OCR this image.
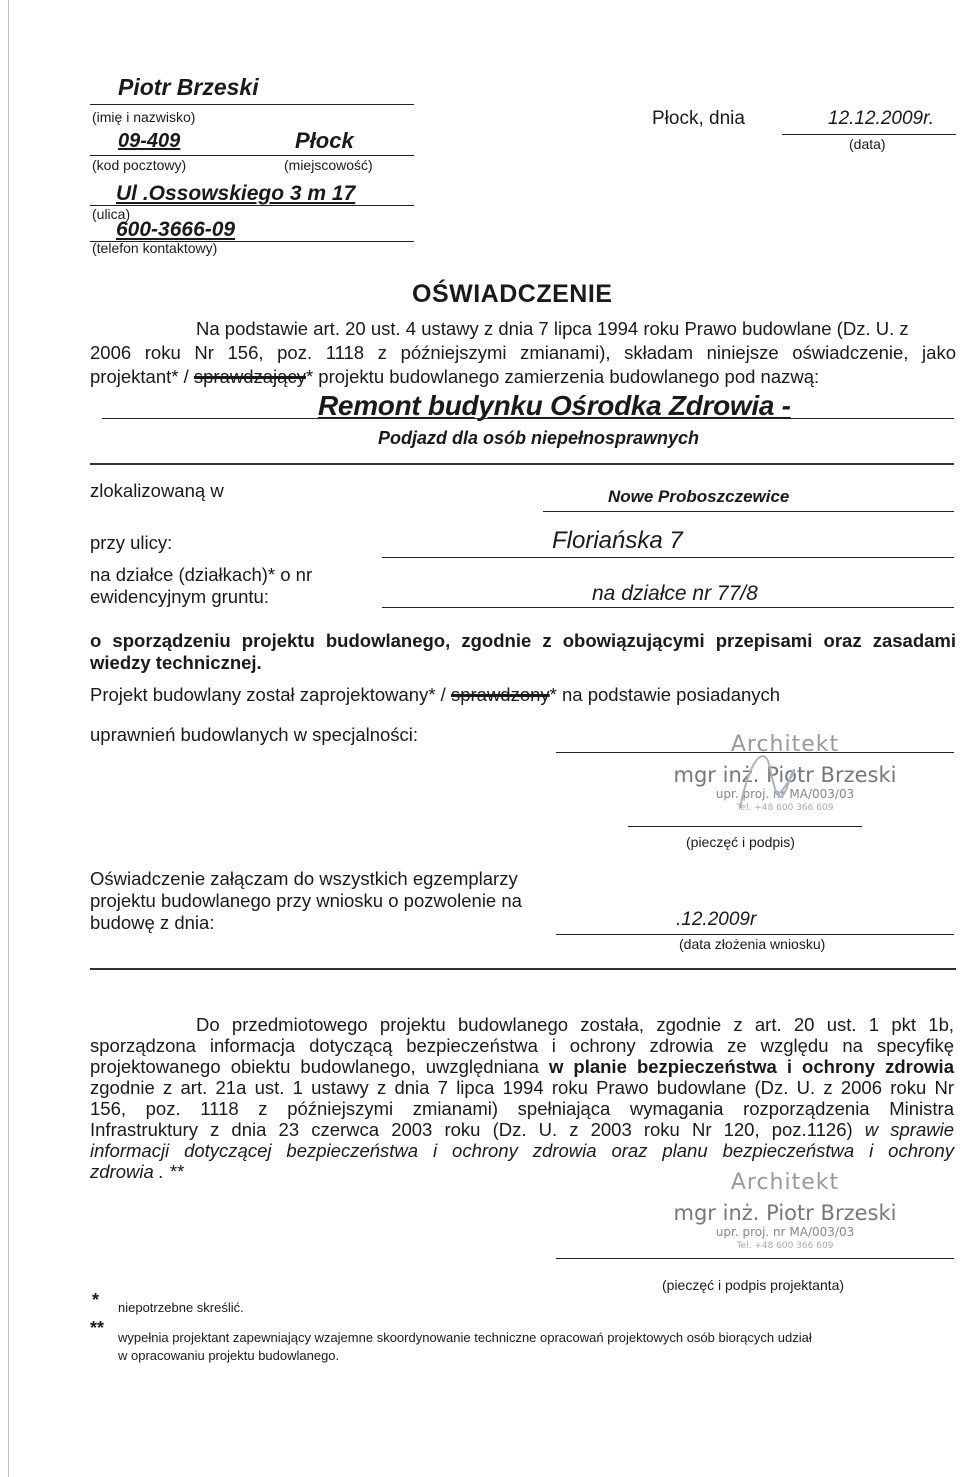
Piotr Brzeski
(imię i nazwisko)
09-409	Płock
(kod pocztowy)	(miejscowość)
Ul .Ossowskiego 3 m 17
(ulica)
600-3666-09
(telefon kontaktowy)
Płock, dnia	12.12.2009r.
(data)
OŚWIADCZENIE
Na podstawie art. 20 ust. 4 ustawy z dnia 7 lipca 1994 roku Prawo budowlane (Dz. U. z
2006 roku Nr 156, poz. 1118 z późniejszymi zmianami), składam niniejsze oświadczenie, jako
projektant* / sprawdzający* projektu budowlanego zamierzenia budowlanego pod nazwą:
Remont budynku Ośrodka Zdrowia -
Podjazd dla osób niepełnosprawnych
zlokalizowaną w	Nowe Proboszczewice
przy ulicy:	Floriańska 7
na działce (działkach)* o nr
ewidencyjnym gruntu:	na działce nr 77/8
o sporządzeniu projektu budowlanego, zgodnie z obowiązującymi przepisami oraz zasadami
wiedzy technicznej.
Projekt budowlany został zaprojektowany* / sprawdzony* na podstawie posiadanych
uprawnień budowlanych w specjalności:	Architekt
mgr inż. Piotr Brzeski
upr. proj. nr MA/003/03
Tel. +48 600 366 609
(pieczęć i podpis)
Oświadczenie załączam do wszystkich egzemplarzy
projektu budowlanego przy wniosku o pozwolenie na
budowę z dnia:	.12.2009r
(data złożenia wniosku)
Do przedmiotowego projektu budowlanego została, zgodnie z art. 20 ust. 1 pkt 1b,
sporządzona informacja dotyczącą bezpieczeństwa i ochrony zdrowia ze względu na specyfikę
projektowanego obiektu budowlanego, uwzględniana w planie bezpieczeństwa i ochrony zdrowia
zgodnie z art. 21a ust. 1 ustawy z dnia 7 lipca 1994 roku Prawo budowlane (Dz. U. z 2006 roku Nr
156, poz. 1118 z późniejszymi zmianami) spełniająca wymagania rozporządzenia Ministra
Infrastruktury z dnia 23 czerwca 2003 roku (Dz. U. z 2003 roku Nr 120, poz.1126) w sprawie
informacji dotyczącej bezpieczeństwa i ochrony zdrowia oraz planu bezpieczeństwa i ochrony
zdrowia . **	Architekt
mgr inż. Piotr Brzeski
upr. proj. nr MA/003/03
Tel. +48 600 366 609
(pieczęć i podpis projektanta)
* niepotrzebne skreślić.
** wypełnia projektant zapewniający wzajemne skoordynowanie techniczne opracowań projektowych osób biorących udział
w opracowaniu projektu budowlanego.
